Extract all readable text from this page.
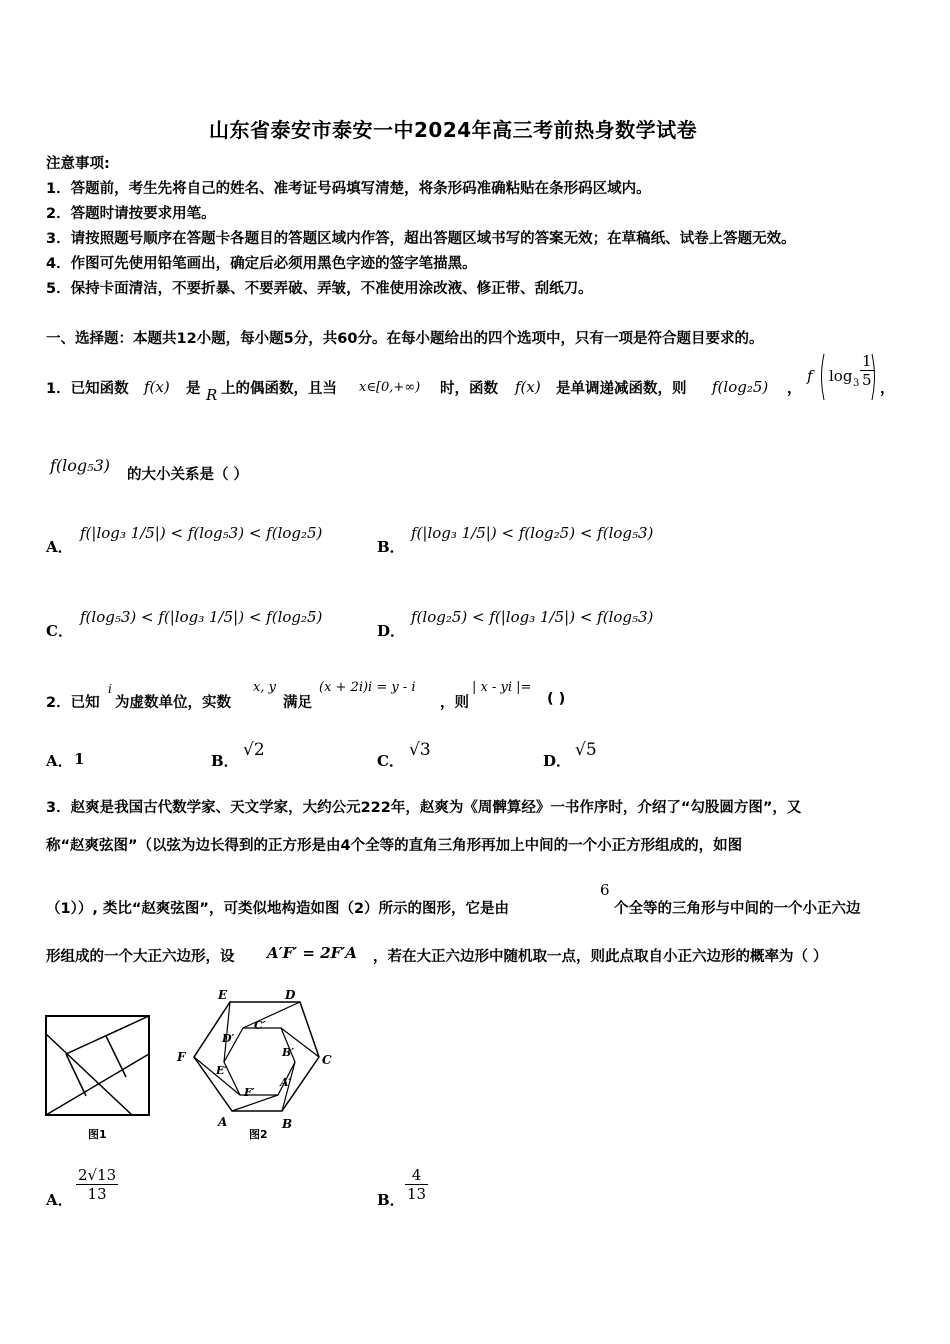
山东省泰安市泰安一中2024年高三考前热身数学试卷
注意事项:
1．答题前，考生先将自己的姓名、准考证号码填写清楚，将条形码准确粘贴在条形码区域内。
2．答题时请按要求用笔。
3．请按照题号顺序在答题卡各题目的答题区域内作答，超出答题区域书写的答案无效；在草稿纸、试卷上答题无效。
4．作图可先使用铅笔画出，确定后必须用黑色字迹的签字笔描黑。
5．保持卡面清洁，不要折暴、不要弄破、弄皱，不准使用涂改液、修正带、刮纸刀。
一、选择题：本题共12小题，每小题5分，共60分。在每小题给出的四个选项中，只有一项是符合题目要求的。
1．已知函数 f(x) 是 R 上的偶函数，且当 x∈[0,+∞) 时，函数 f(x) 是单调递减函数，则 f(log₂5) ，
f $\log 3 \frac{1}{5}$ ，
f(log₅3) 的大小关系是（ ）
A．
f(|log₃ 1/5|) < f(log₅3) < f(log₂5)
B．
f(|log₃ 1/5|) < f(log₂5) < f(log₅3)
C．
f(log₅3) < f(|log₃ 1/5|) < f(log₂5)
D．
f(log₂5) < f(|log₃ 1/5|) < f(log₅3)
2．已知
i
为虚数单位，实数
x, y
满足
(x + 2i)i = y - i
，则
| x - yi |=
( )
A． 1	B．
√2
C．
√3
D．
√5
3．赵爽是我国古代数学家、天文学家，大约公元222年，赵爽为《周髀算经》一书作序时，介绍了“勾股圆方图”，又
称“赵爽弦图”（以弦为边长得到的正方形是由4个全等的直角三角形再加上中间的一个小正方形组成的，如图
（1））, 类比“赵爽弦图”，可类似地构造如图（2）所示的图形，它是由
6
个全等的三角形与中间的一个小正六边
形组成的一个大正六边形，设 A′F′ = 2F′A ，若在大正六边形中随机取一点，则此点取自小正六边形的概率为（ ）
图1
A	B
C
D
E
F
A′
B′
C′
D′
E′
F′
图2
A． $\frac{2√13}{13}$	B． $\frac{4}{13}$
